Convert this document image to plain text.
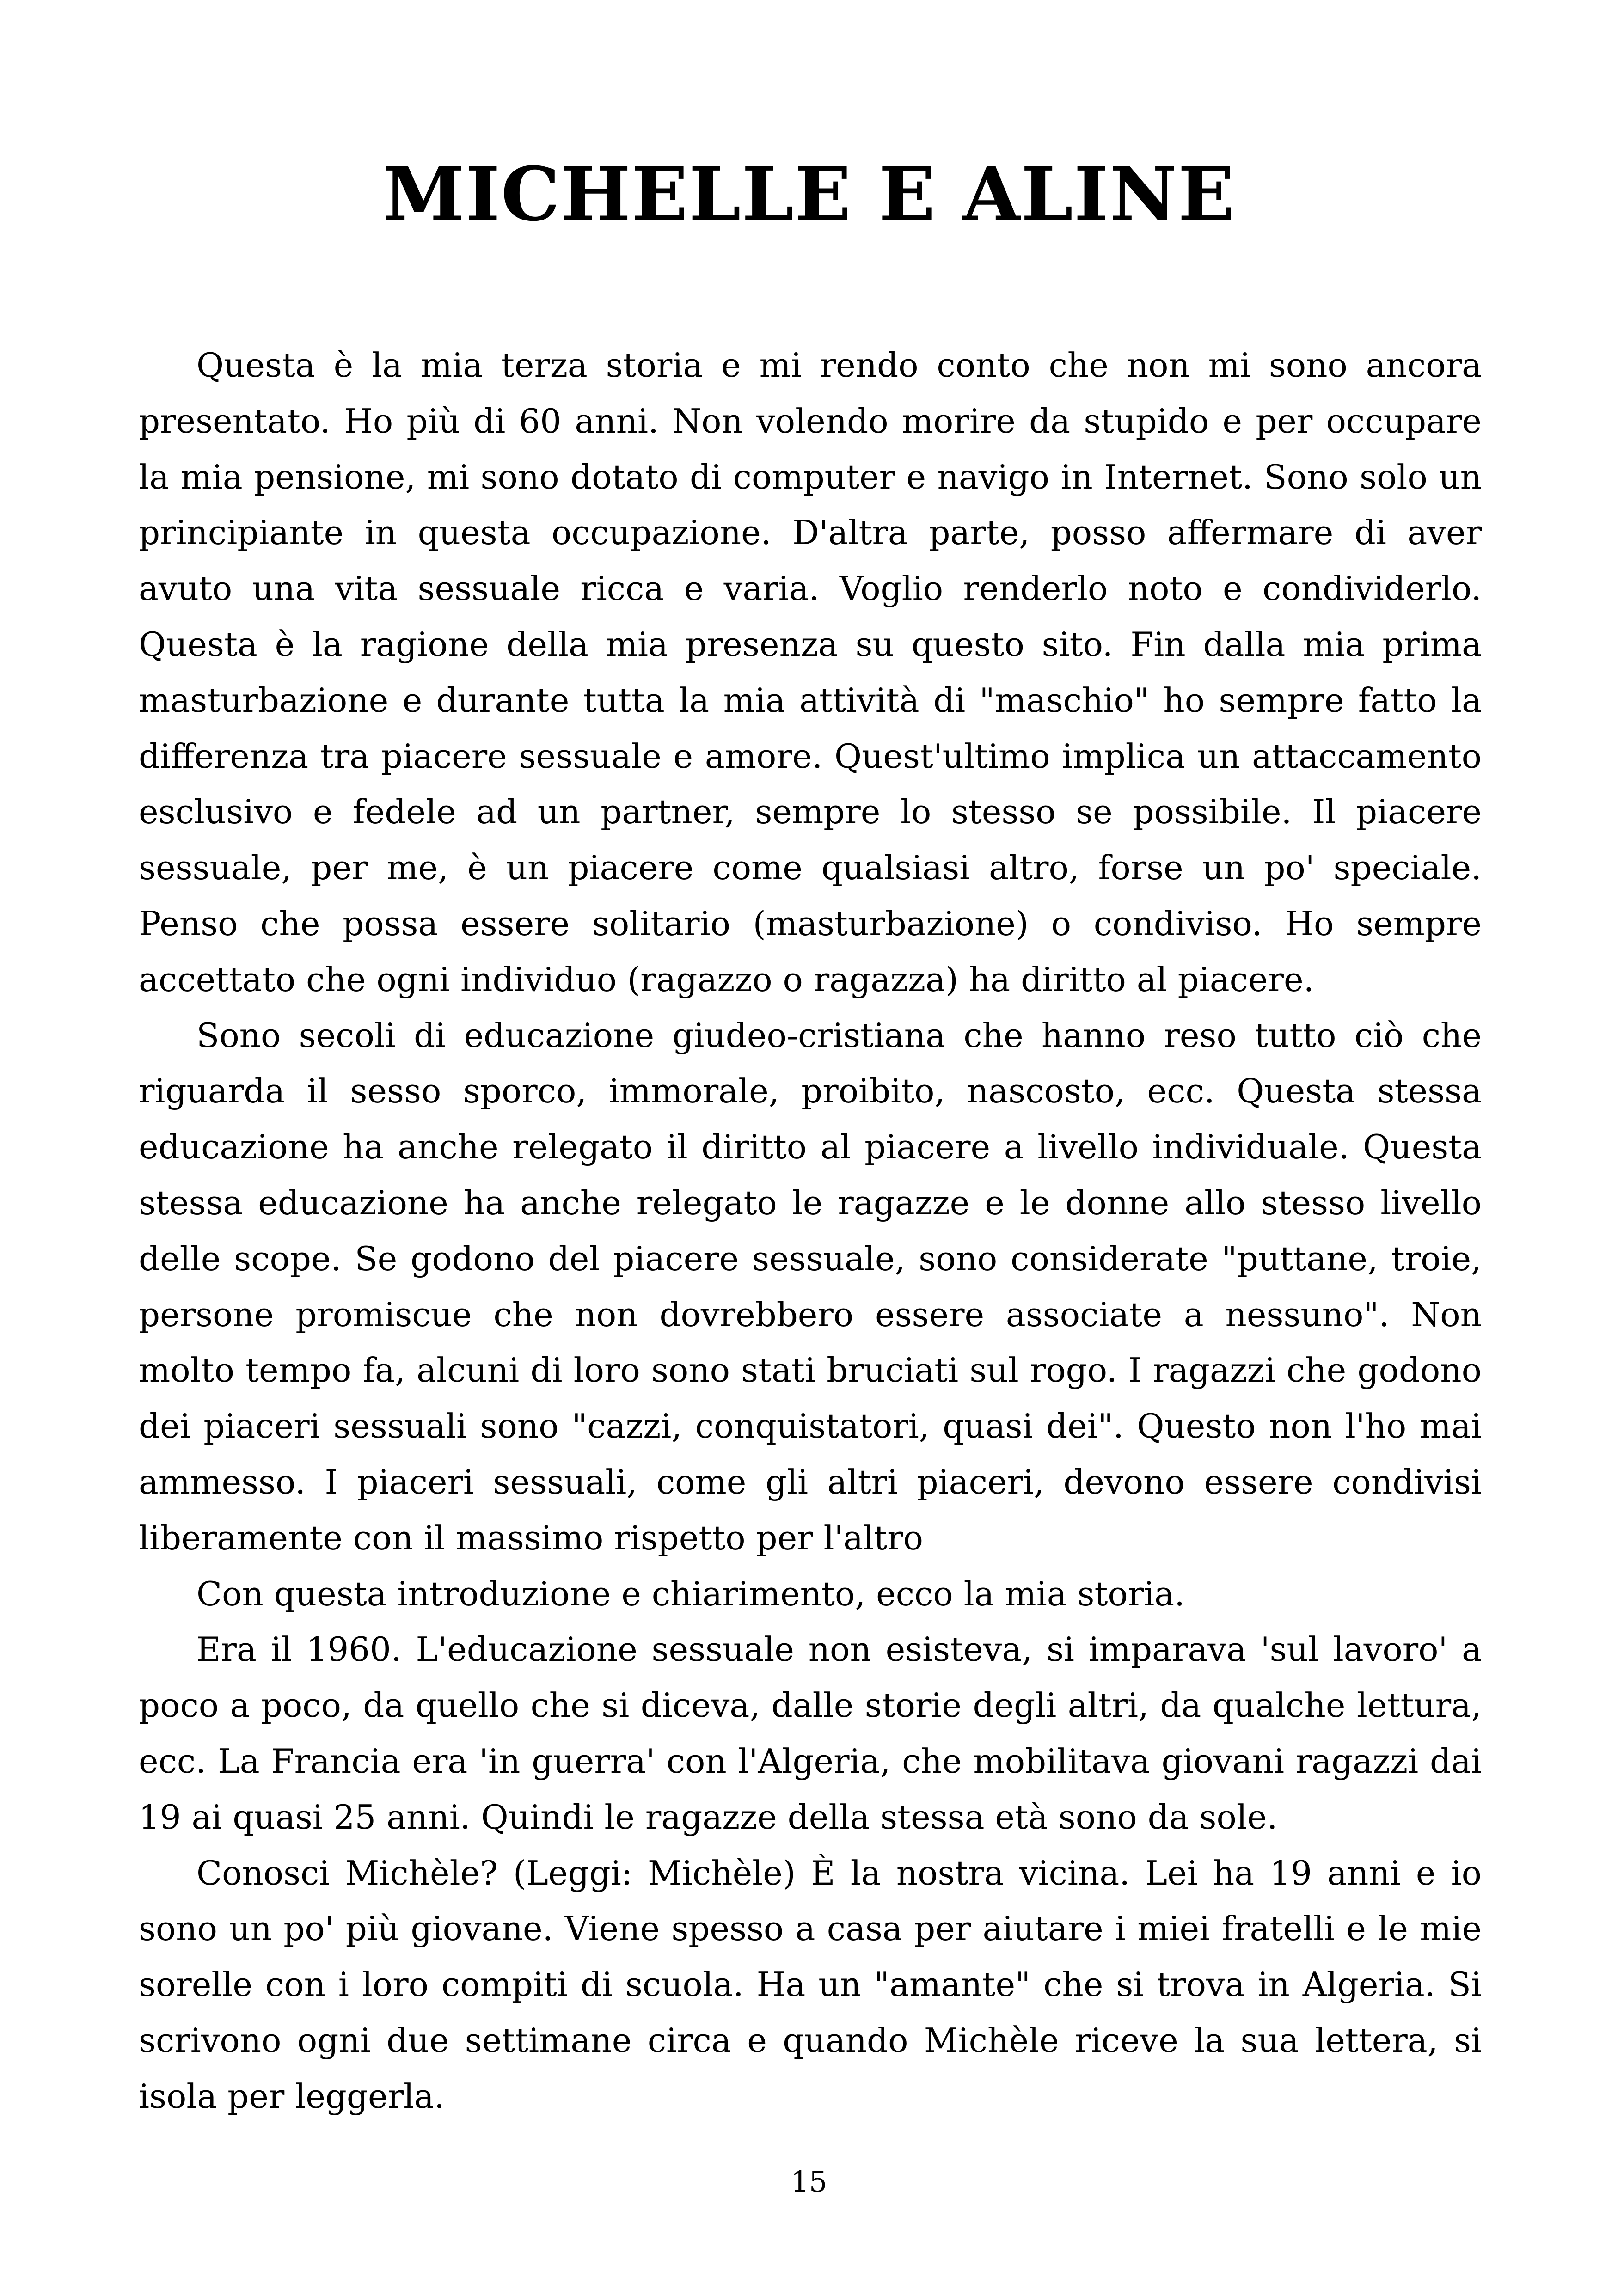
MICHELLE E ALINE

Questa è la mia terza storia e mi rendo conto che non mi sono ancora presentato. Ho più di 60 anni. Non volendo morire da stupido e per occupare la mia pensione, mi sono dotato di computer e navigo in Internet. Sono solo un principiante in questa occupazione. D'altra parte, posso affermare di aver avuto una vita sessuale ricca e varia. Voglio renderlo noto e condividerlo. Questa è la ragione della mia presenza su questo sito. Fin dalla mia prima masturbazione e durante tutta la mia attività di "maschio" ho sempre fatto la differenza tra piacere sessuale e amore. Quest'ultimo implica un attaccamento esclusivo e fedele ad un partner, sempre lo stesso se possibile. Il piacere sessuale, per me, è un piacere come qualsiasi altro, forse un po' speciale. Penso che possa essere solitario (masturbazione) o condiviso. Ho sempre accettato che ogni individuo (ragazzo o ragazza) ha diritto al piacere.

Sono secoli di educazione giudeo-cristiana che hanno reso tutto ciò che riguarda il sesso sporco, immorale, proibito, nascosto, ecc. Questa stessa educazione ha anche relegato il diritto al piacere a livello individuale. Questa stessa educazione ha anche relegato le ragazze e le donne allo stesso livello delle scope. Se godono del piacere sessuale, sono considerate "puttane, troie, persone promiscue che non dovrebbero essere associate a nessuno". Non molto tempo fa, alcuni di loro sono stati bruciati sul rogo. I ragazzi che godono dei piaceri sessuali sono "cazzi, conquistatori, quasi dei". Questo non l'ho mai ammesso. I piaceri sessuali, come gli altri piaceri, devono essere condivisi liberamente con il massimo rispetto per l'altro

Con questa introduzione e chiarimento, ecco la mia storia.

Era il 1960. L'educazione sessuale non esisteva, si imparava 'sul lavoro' a poco a poco, da quello che si diceva, dalle storie degli altri, da qualche lettura, ecc. La Francia era 'in guerra' con l'Algeria, che mobilitava giovani ragazzi dai 19 ai quasi 25 anni. Quindi le ragazze della stessa età sono da sole.

Conosci Michèle? (Leggi: Michèle) È la nostra vicina. Lei ha 19 anni e io sono un po' più giovane. Viene spesso a casa per aiutare i miei fratelli e le mie sorelle con i loro compiti di scuola. Ha un "amante" che si trova in Algeria. Si scrivono ogni due settimane circa e quando Michèle riceve la sua lettera, si isola per leggerla.

15
